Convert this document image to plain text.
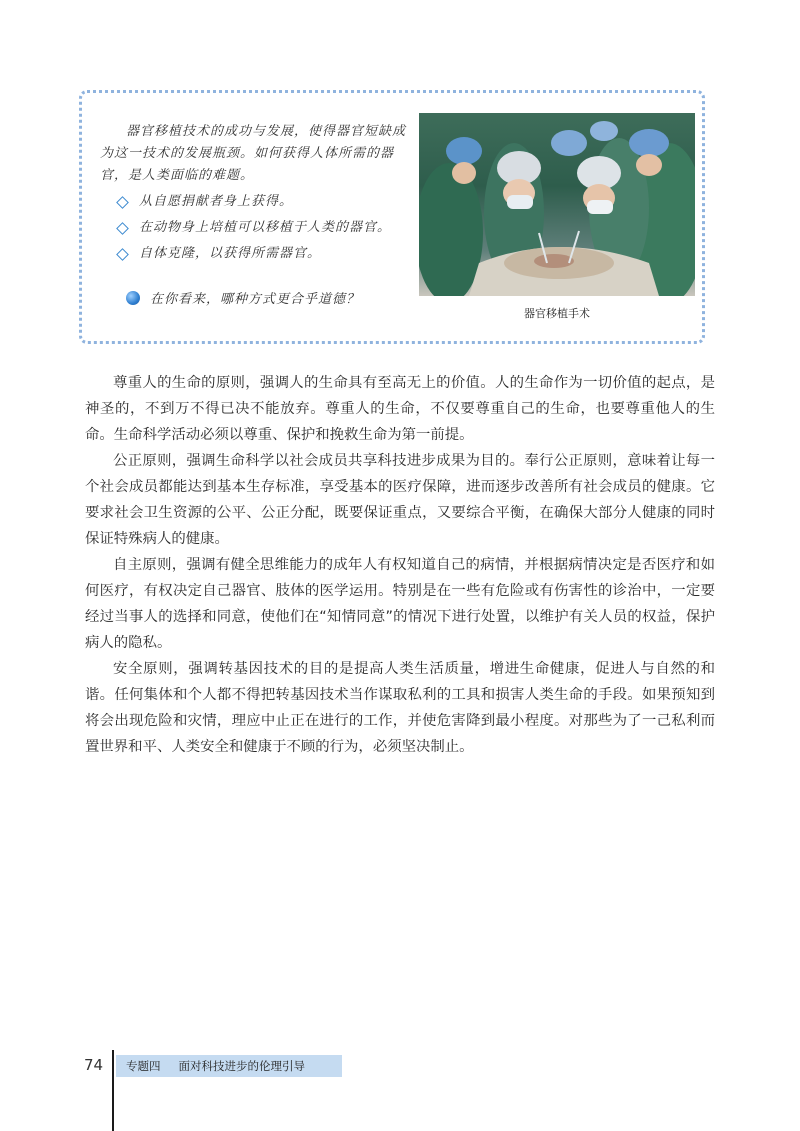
器官移植技术的成功与发展，使得器官短缺成为这一技术的发展瓶颈。如何获得人体所需的器官，是人类面临的难题。

从自愿捐献者身上获得。
在动物身上培植可以移植于人类的器官。
自体克隆，以获得所需器官。
在你看来，哪种方式更合乎道德？
器官移植手术

尊重人的生命的原则，强调人的生命具有至高无上的价值。人的生命作为一切价值的起点，是神圣的，不到万不得已决不能放弃。尊重人的生命，不仅要尊重自己的生命，也要尊重他人的生命。生命科学活动必须以尊重、保护和挽救生命为第一前提。

公正原则，强调生命科学以社会成员共享科技进步成果为目的。奉行公正原则，意味着让每一个社会成员都能达到基本生存标准，享受基本的医疗保障，进而逐步改善所有社会成员的健康。它要求社会卫生资源的公平、公正分配，既要保证重点，又要综合平衡，在确保大部分人健康的同时保证特殊病人的健康。

自主原则，强调有健全思维能力的成年人有权知道自己的病情，并根据病情决定是否医疗和如何医疗，有权决定自己器官、肢体的医学运用。特别是在一些有危险或有伤害性的诊治中，一定要经过当事人的选择和同意，使他们在“知情同意”的情况下进行处置，以维护有关人员的权益，保护病人的隐私。

安全原则，强调转基因技术的目的是提高人类生活质量，增进生命健康，促进人与自然的和谐。任何集体和个人都不得把转基因技术当作谋取私利的工具和损害人类生命的手段。如果预知到将会出现危险和灾情，理应中止正在进行的工作，并使危害降到最小程度。对那些为了一己私利而置世界和平、人类安全和健康于不顾的行为，必须坚决制止。

74 专题四 面对科技进步的伦理引导
